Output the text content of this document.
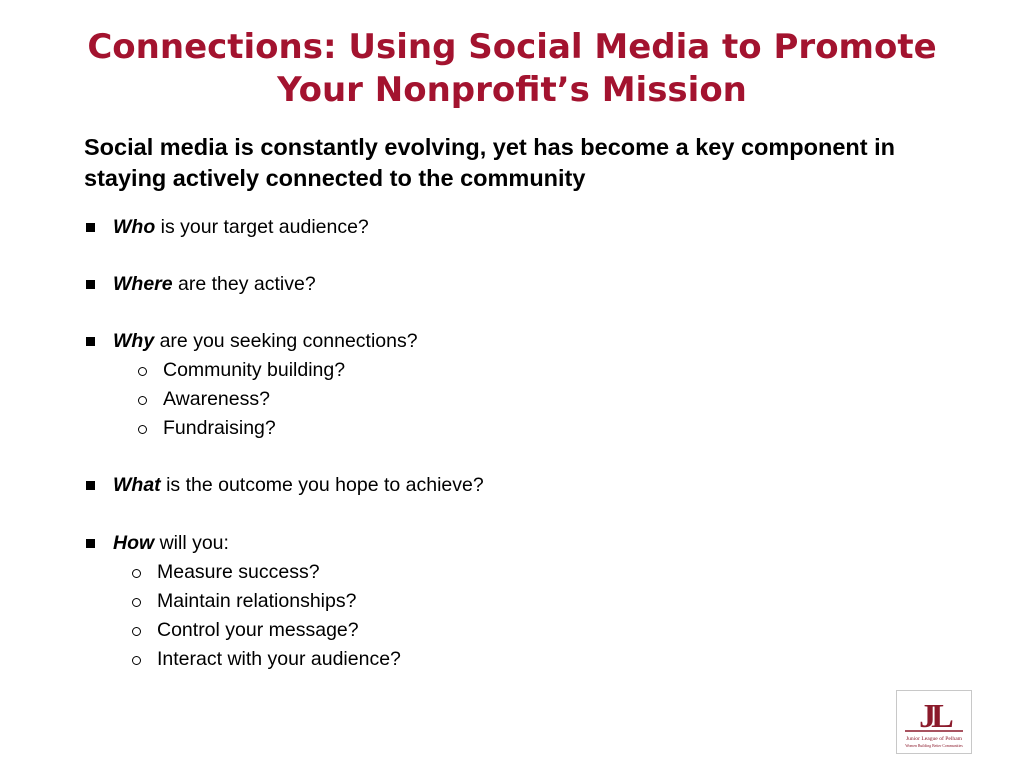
Connections: Using Social Media to Promote
Your Nonprofit’s Mission
Social media is constantly evolving, yet has become a key component in
staying actively connected to the community
Who is your target audience?
Where are they active?
Why are you seeking connections?
Community building?
Awareness?
Fundraising?
What is the outcome you hope to achieve?
How will you:
Measure success?
Maintain relationships?
Control your message?
Interact with your audience?
JL
Junior League of Pelham
Women Building Better Communities
